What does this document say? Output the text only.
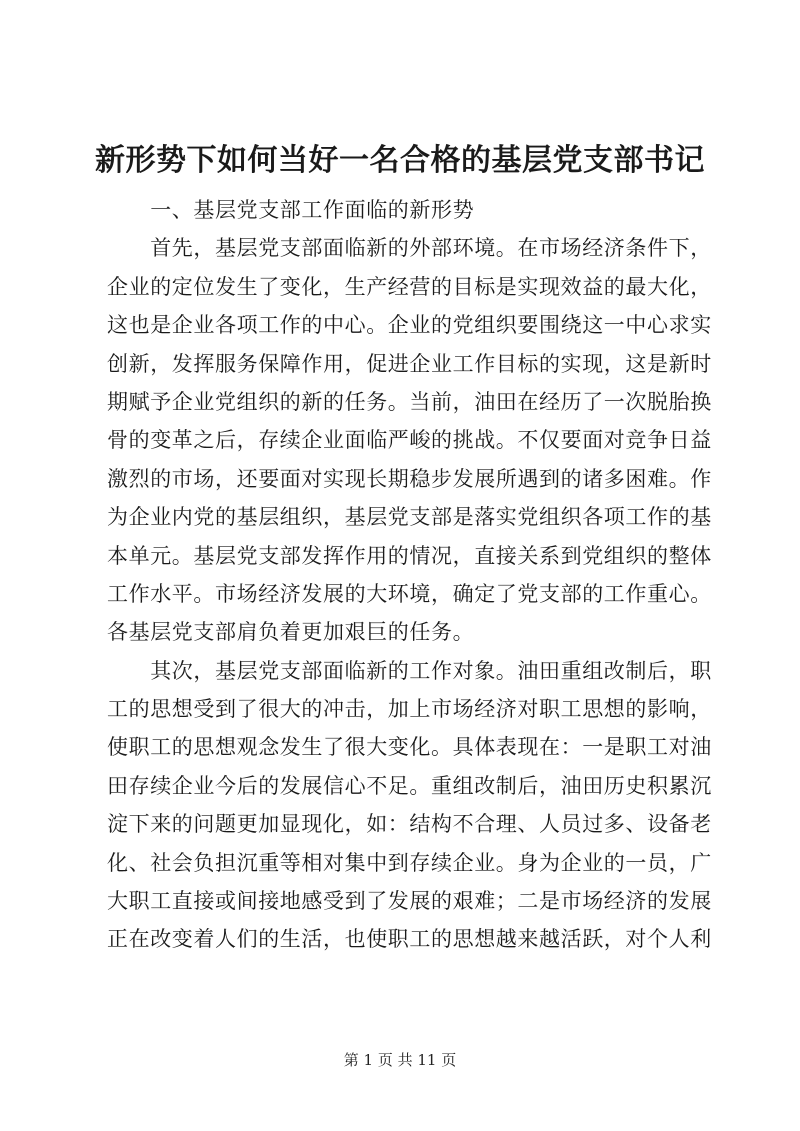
新形势下如何当好一名合格的基层党支部书记
　　一、基层党支部工作面临的新形势
　　首先，基层党支部面临新的外部环境。在市场经济条件下，
企业的定位发生了变化，生产经营的目标是实现效益的最大化，
这也是企业各项工作的中心。企业的党组织要围绕这一中心求实
创新，发挥服务保障作用，促进企业工作目标的实现，这是新时
期赋予企业党组织的新的任务。当前，油田在经历了一次脱胎换
骨的变革之后，存续企业面临严峻的挑战。不仅要面对竞争日益
激烈的市场，还要面对实现长期稳步发展所遇到的诸多困难。作
为企业内党的基层组织，基层党支部是落实党组织各项工作的基
本单元。基层党支部发挥作用的情况，直接关系到党组织的整体
工作水平。市场经济发展的大环境，确定了党支部的工作重心。
各基层党支部肩负着更加艰巨的任务。
　　其次，基层党支部面临新的工作对象。油田重组改制后，职
工的思想受到了很大的冲击，加上市场经济对职工思想的影响，
使职工的思想观念发生了很大变化。具体表现在：一是职工对油
田存续企业今后的发展信心不足。重组改制后，油田历史积累沉
淀下来的问题更加显现化，如：结构不合理、人员过多、设备老
化、社会负担沉重等相对集中到存续企业。身为企业的一员，广
大职工直接或间接地感受到了发展的艰难；二是市场经济的发展
正在改变着人们的生活，也使职工的思想越来越活跃，对个人利
第 1 页 共 11 页
